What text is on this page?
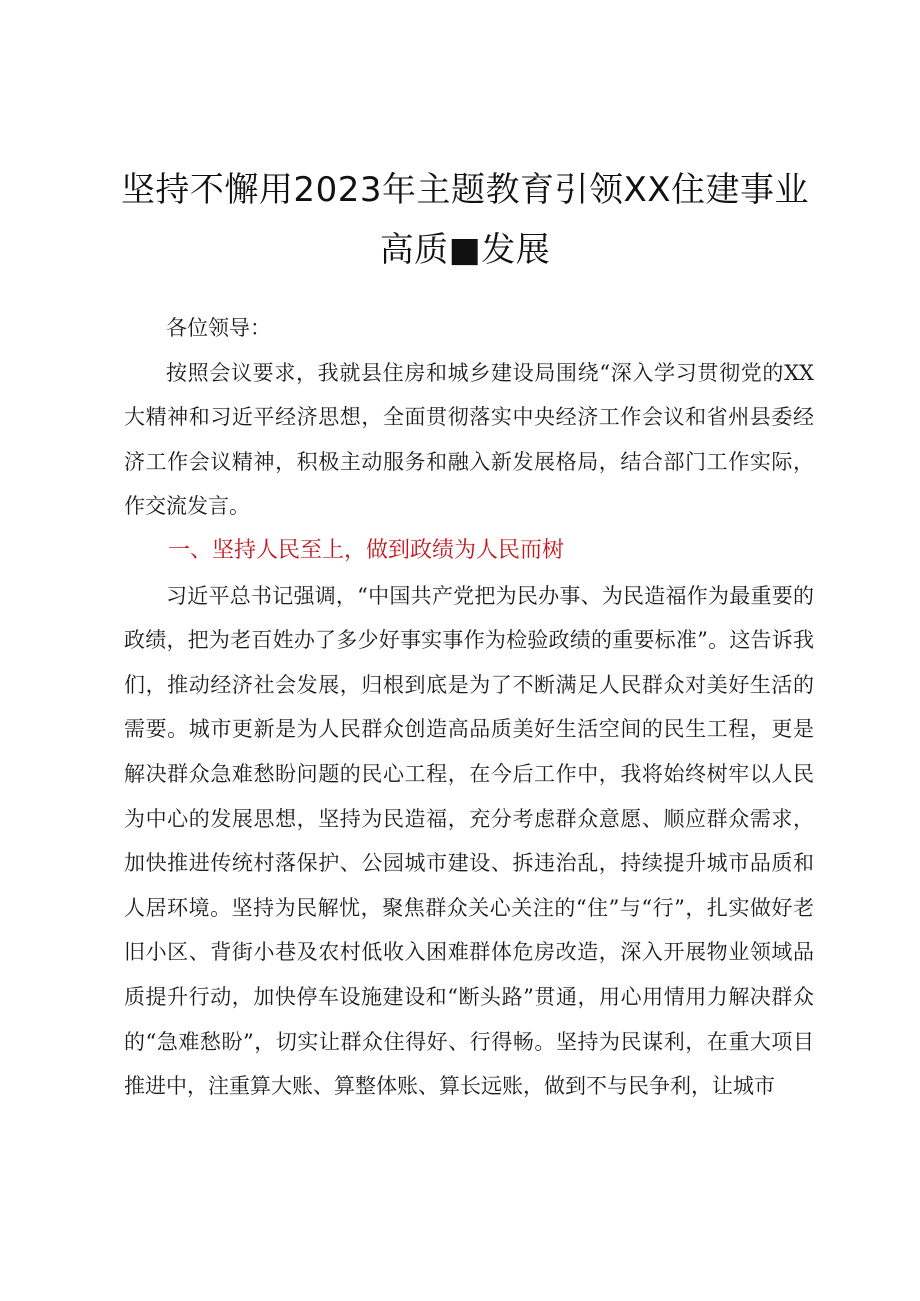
坚持不懈用2023年主题教育引领XX住建事业高质■发展

各位领导：

按照会议要求，我就县住房和城乡建设局围绕“深入学习贯彻党的XX大精神和习近平经济思想，全面贯彻落实中央经济工作会议和省州县委经济工作会议精神，积极主动服务和融入新发展格局，结合部门工作实际，作交流发言。

一、坚持人民至上，做到政绩为人民而树

习近平总书记强调，“中国共产党把为民办事、为民造福作为最重要的政绩，把为老百姓办了多少好事实事作为检验政绩的重要标准”。这告诉我们，推动经济社会发展，归根到底是为了不断满足人民群众对美好生活的需要。城市更新是为人民群众创造高品质美好生活空间的民生工程，更是解决群众急难愁盼问题的民心工程，在今后工作中，我将始终树牢以人民为中心的发展思想，坚持为民造福，充分考虑群众意愿、顺应群众需求，加快推进传统村落保护、公园城市建设、拆违治乱，持续提升城市品质和人居环境。坚持为民解忧，聚焦群众关心关注的“住”与“行”，扎实做好老旧小区、背街小巷及农村低收入困难群体危房改造，深入开展物业领域品质提升行动，加快停车设施建设和“断头路”贯通，用心用情用力解决群众的“急难愁盼”，切实让群众住得好、行得畅。坚持为民谋利，在重大项目推进中，注重算大账、算整体账、算长远账，做到不与民争利，让城市
